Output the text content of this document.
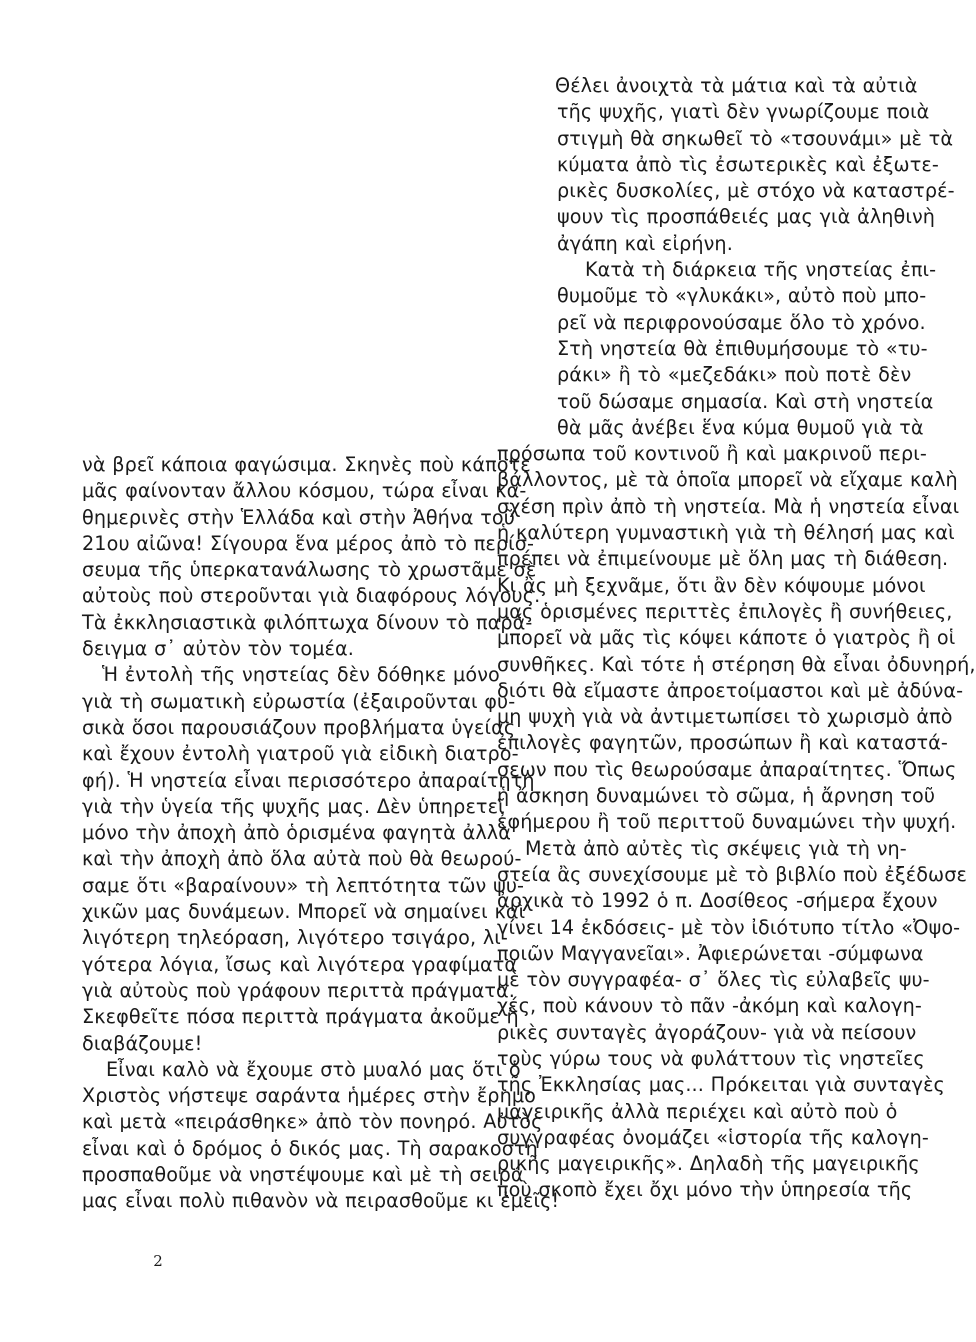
νὰ βρεῖ κάποια φαγώσιμα. Σκηνὲς ποὺ κάποτε
μᾶς φαίνονταν ἄλλου κόσμου, τώρα εἶναι κα-
θημερινὲς στὴν Ἑλλάδα καὶ στὴν Ἀθήνα τοῦ
21ου αἰῶνα! Σίγουρα ἕνα μέρος ἀπὸ τὸ περίσ-
σευμα τῆς ὑπερκατανάλωσης τὸ χρωστᾶμε σὲ
αὐτοὺς ποὺ στεροῦνται γιὰ διαφόρους λόγους.
Τὰ ἐκκλησιαστικὰ φιλόπτωχα δίνουν τὸ παρά-
δειγμα σ᾽ αὐτὸν τὸν τομέα.
Ἡ ἐντολὴ τῆς νηστείας δὲν δόθηκε μόνο
γιὰ τὴ σωματικὴ εὐρωστία (ἐξαιροῦνται φυ-
σικὰ ὅσοι παρουσιάζουν προβλήματα ὑγείας
καὶ ἔχουν ἐντολὴ γιατροῦ γιὰ εἰδικὴ διατρο-
φή). Ἡ νηστεία εἶναι περισσότερο ἀπαραίτητη
γιὰ τὴν ὑγεία τῆς ψυχῆς μας. Δὲν ὑπηρετεῖ
μόνο τὴν ἀποχὴ ἀπὸ ὁρισμένα φαγητὰ ἀλλὰ
καὶ τὴν ἀποχὴ ἀπὸ ὅλα αὐτὰ ποὺ θὰ θεωρού-
σαμε ὅτι «βαραίνουν» τὴ λεπτότητα τῶν ψυ-
χικῶν μας δυνάμεων. Μπορεῖ νὰ σημαίνει καὶ
λιγότερη τηλεόραση, λιγότερο τσιγάρο, λι-
γότερα λόγια, ἴσως καὶ λιγότερα γραφίματα
γιὰ αὐτοὺς ποὺ γράφουν περιττὰ πράγματα.
Σκεφθεῖτε πόσα περιττὰ πράγματα ἀκοῦμε ἢ
διαβάζουμε!
Εἶναι καλὸ νὰ ἔχουμε στὸ μυαλό μας ὅτι ὁ
Χριστὸς νήστεψε σαράντα ἡμέρες στὴν ἔρημο
καὶ μετὰ «πειράσθηκε» ἀπὸ τὸν πονηρό. Αὐτὸς
εἶναι καὶ ὁ δρόμος ὁ δικός μας. Τὴ σαρακοστὴ
προσπαθοῦμε νὰ νηστέψουμε καὶ μὲ τὴ σειρά
μας εἶναι πολὺ πιθανὸν νὰ πειρασθοῦμε κι ἐμεῖς!
Θέλει ἀνοιχτὰ τὰ μάτια καὶ τὰ αὐτιὰ
τῆς ψυχῆς, γιατὶ δὲν γνωρίζουμε ποιὰ
στιγμὴ θὰ σηκωθεῖ τὸ «τσουνάμι» μὲ τὰ
κύματα ἀπὸ τὶς ἐσωτερικὲς καὶ ἐξωτε-
ρικὲς δυσκολίες, μὲ στόχο νὰ καταστρέ-
ψουν τὶς προσπάθειές μας γιὰ ἀληθινὴ
ἀγάπη καὶ εἰρήνη.
Κατὰ τὴ διάρκεια τῆς νηστείας ἐπι-
θυμοῦμε τὸ «γλυκάκι», αὐτὸ ποὺ μπο-
ρεῖ νὰ περιφρονούσαμε ὅλο τὸ χρόνο.
Στὴ νηστεία θὰ ἐπιθυμήσουμε τὸ «τυ-
ράκι» ἢ τὸ «μεζεδάκι» ποὺ ποτὲ δὲν
τοῦ δώσαμε σημασία. Καὶ στὴ νηστεία
θὰ μᾶς ἀνέβει ἕνα κύμα θυμοῦ γιὰ τὰ
πρόσωπα τοῦ κοντινοῦ ἢ καὶ μακρινοῦ περι-
βάλλοντος, μὲ τὰ ὁποῖα μπορεῖ νὰ εἴχαμε καλὴ
σχέση πρὶν ἀπὸ τὴ νηστεία. Μὰ ἡ νηστεία εἶναι
ἡ καλύτερη γυμναστικὴ γιὰ τὴ θέλησή μας καὶ
πρέπει νὰ ἐπιμείνουμε μὲ ὅλη μας τὴ διάθεση.
Κι ἂς μὴ ξεχνᾶμε, ὅτι ἂν δὲν κόψουμε μόνοι
μας ὁρισμένες περιττὲς ἐπιλογὲς ἢ συνήθειες,
μπορεῖ νὰ μᾶς τὶς κόψει κάποτε ὁ γιατρὸς ἢ οἱ
συνθῆκες. Καὶ τότε ἡ στέρηση θὰ εἶναι ὀδυνηρή,
διότι θὰ εἴμαστε ἀπροετοίμαστοι καὶ μὲ ἀδύνα-
μη ψυχὴ γιὰ νὰ ἀντιμετωπίσει τὸ χωρισμὸ ἀπὸ
ἐπιλογὲς φαγητῶν, προσώπων ἢ καὶ καταστά-
σεων που τὶς θεωρούσαμε ἀπαραίτητες. Ὅπως
ἡ ἄσκηση δυναμώνει τὸ σῶμα, ἡ ἄρνηση τοῦ
ἐφήμερου ἢ τοῦ περιττοῦ δυναμώνει τὴν ψυχή.
Μετὰ ἀπὸ αὐτὲς τὶς σκέψεις γιὰ τὴ νη-
στεία ἂς συνεχίσουμε μὲ τὸ βιβλίο ποὺ ἐξέδωσε
ἀρχικὰ τὸ 1992 ὁ π. Δοσίθεος -σήμερα ἔχουν
γίνει 14 ἐκδόσεις- μὲ τὸν ἰδιότυπο τίτλο «Ὀψο-
ποιῶν Μαγγανεῖαι». Ἀφιερώνεται -σύμφωνα
μὲ τὸν συγγραφέα- σ᾽ ὅλες τὶς εὐλαβεῖς ψυ-
χές, ποὺ κάνουν τὸ πᾶν -ἀκόμη καὶ καλογη-
ρικὲς συνταγὲς ἀγοράζουν- γιὰ νὰ πείσουν
τοὺς γύρω τους νὰ φυλάττουν τὶς νηστεῖες
τῆς Ἐκκλησίας μας... Πρόκειται γιὰ συνταγὲς
μαγειρικῆς ἀλλὰ περιέχει καὶ αὐτὸ ποὺ ὁ
συγγραφέας ὀνομάζει «ἱστορία τῆς καλογη-
ρικῆς μαγειρικῆς». Δηλαδὴ τῆς μαγειρικῆς
ποὺ σκοπὸ ἔχει ὄχι μόνο τὴν ὑπηρεσία τῆς
2
